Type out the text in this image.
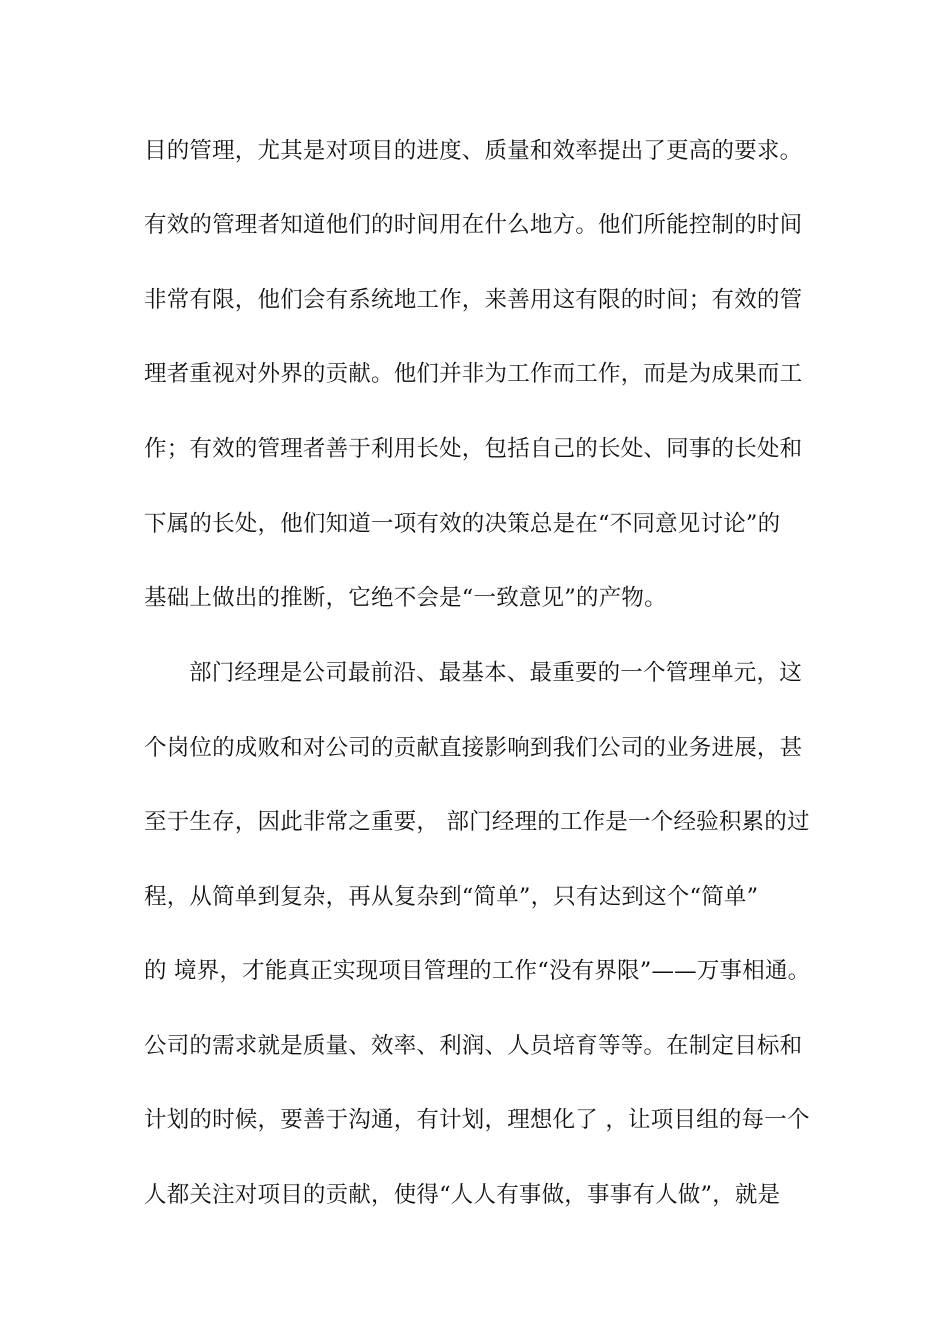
目的管理，尤其是对项目的进度、质量和效率提出了更高的要求。
有效的管理者知道他们的时间用在什么地方。他们所能控制的时间
非常有限，他们会有系统地工作，来善用这有限的时间；有效的管
理者重视对外界的贡献。他们并非为工作而工作，而是为成果而工
作；有效的管理者善于利用长处，包括自己的长处、同事的长处和
下属的长处，他们知道一项有效的决策总是在“不同意见讨论”的
基础上做出的推断，它绝不会是“一致意见”的产物。
部门经理是公司最前沿、最基本、最重要的一个管理单元，这
个岗位的成败和对公司的贡献直接影响到我们公司的业务进展，甚
至于生存，因此非常之重要， 部门经理的工作是一个经验积累的过
程，从简单到复杂，再从复杂到“简单”，只有达到这个“简单”
的 境界，才能真正实现项目管理的工作“没有界限”——万事相通。
公司的需求就是质量、效率、利润、人员培育等等。在制定目标和
计划的时候，要善于沟通，有计划，理想化了 ，让项目组的每一个
人都关注对项目的贡献，使得“人人有事做，事事有人做”，就是
